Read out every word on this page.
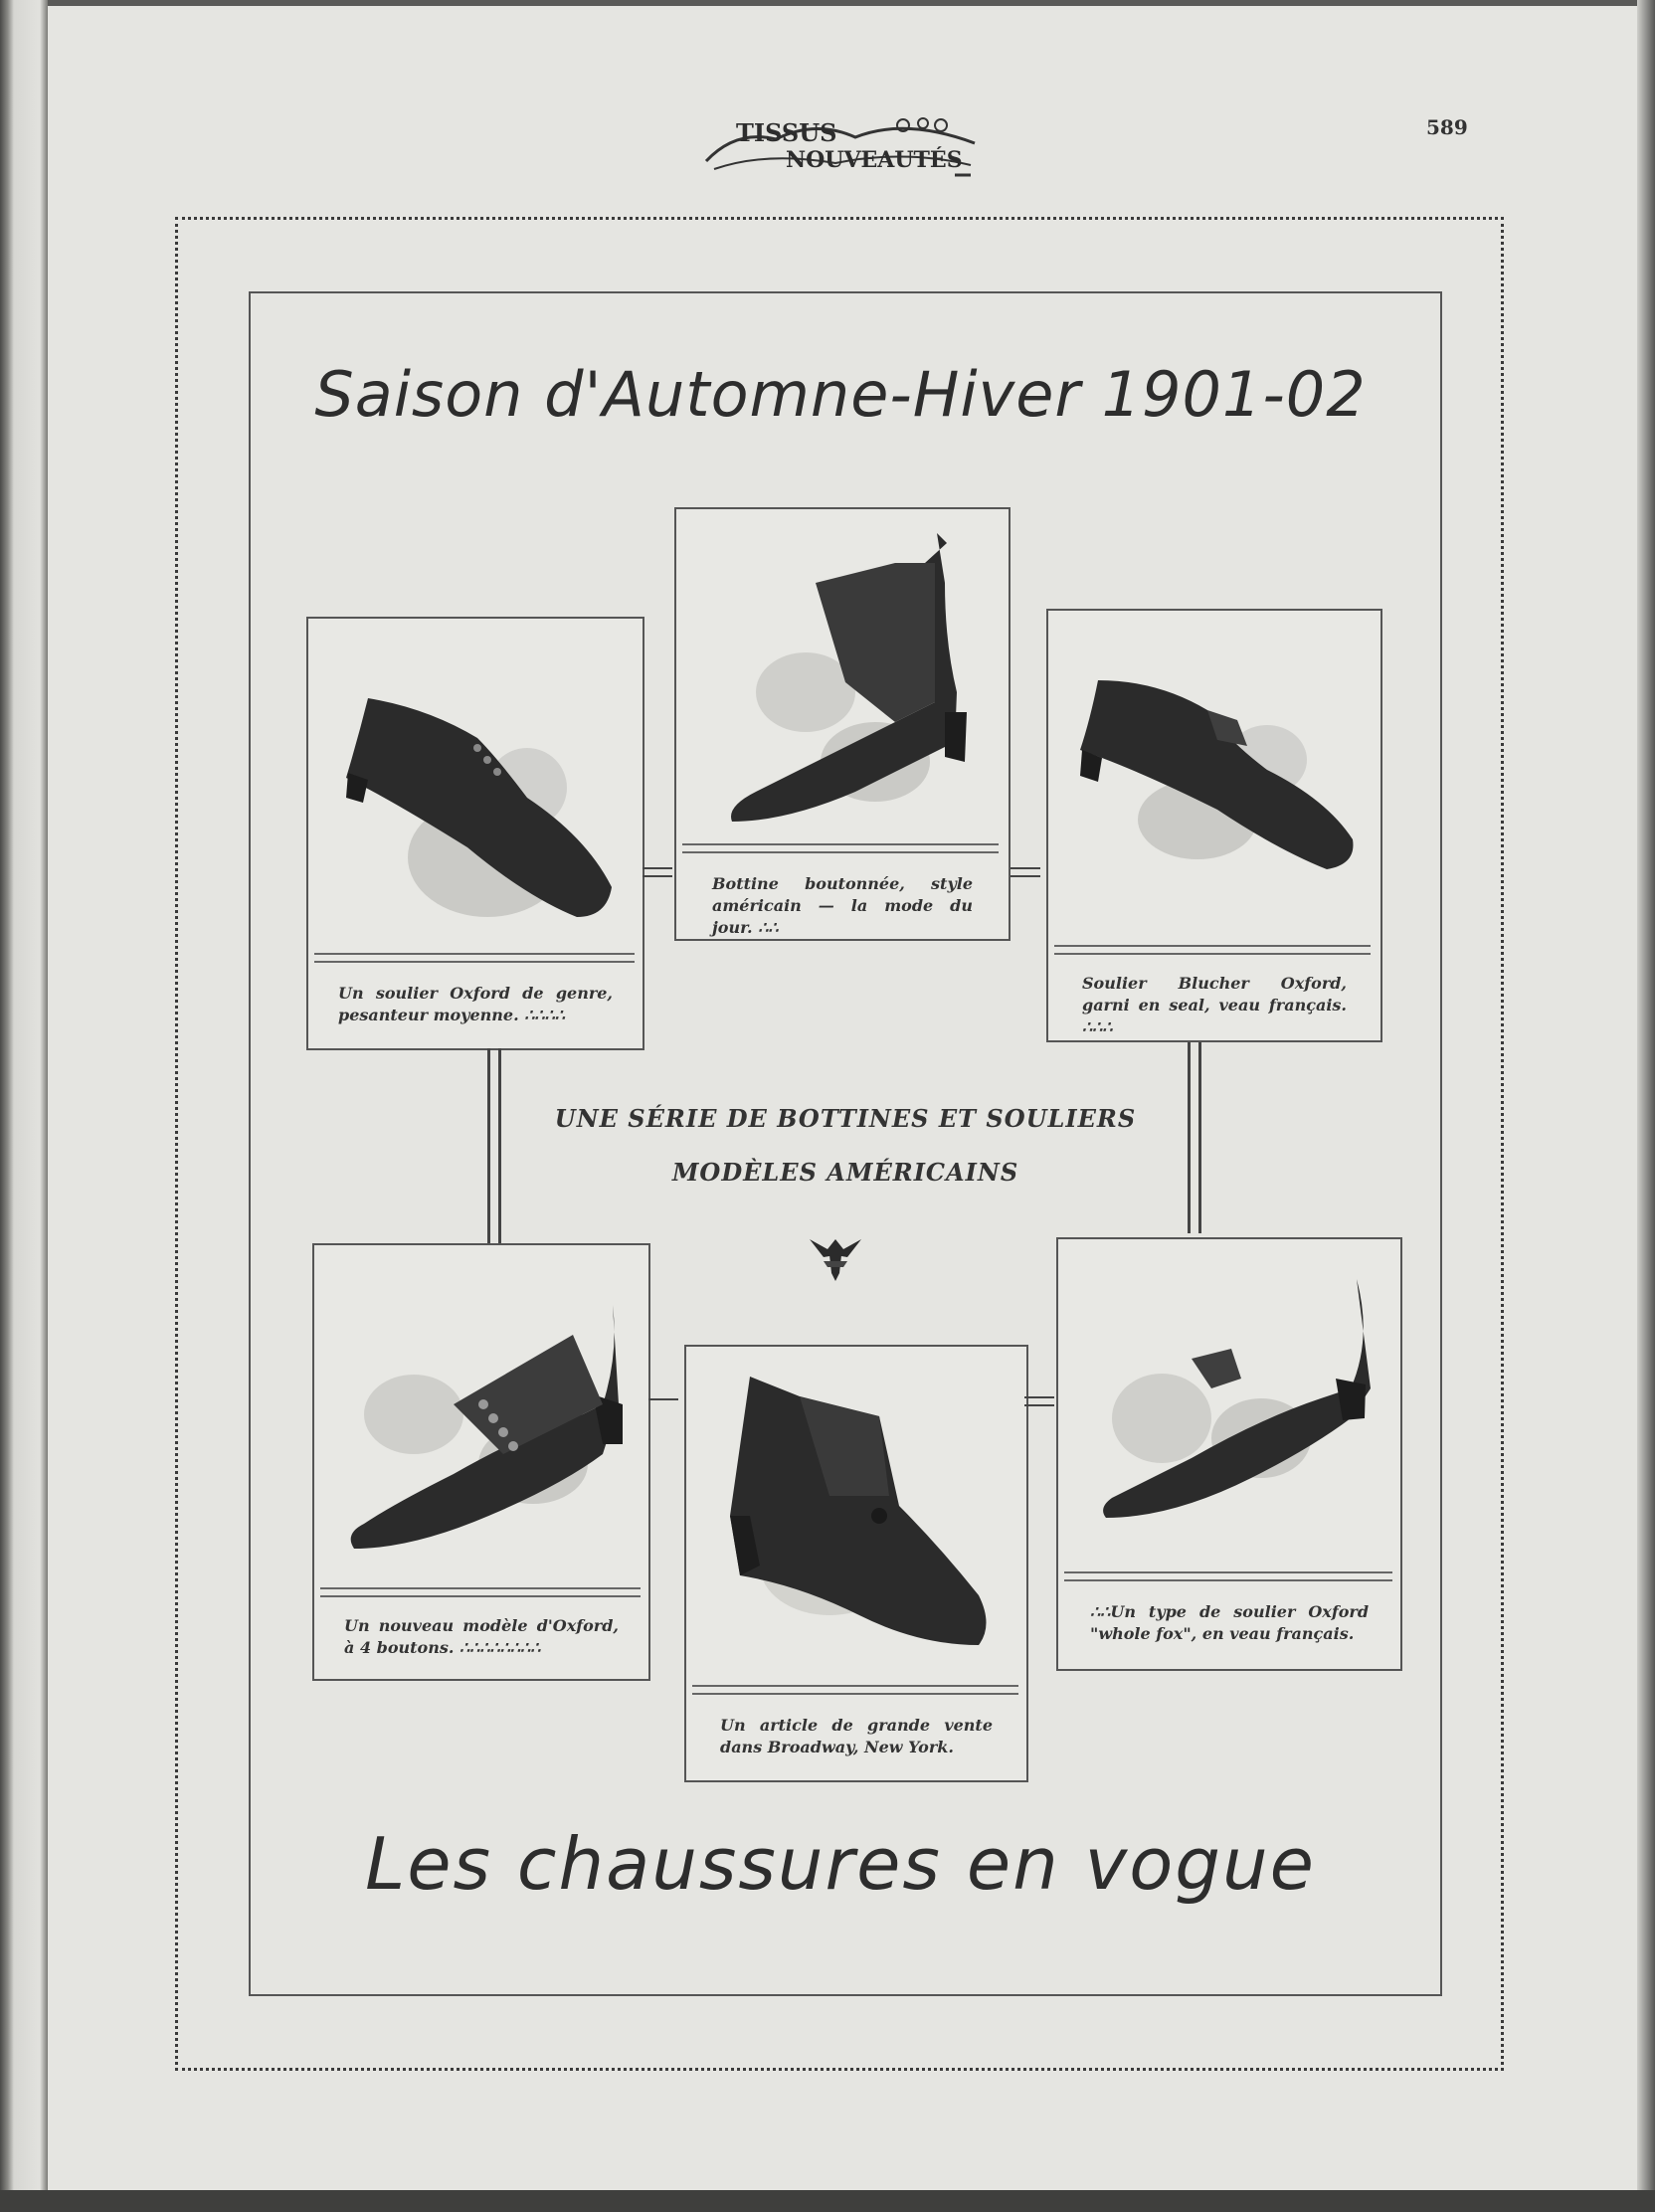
TISSUS
NOUVEAUTÉS
589
Saison d'Automne-Hiver 1901-02
Un soulier Oxford de genre, pesanteur moyenne. ∴∴∴∴
Bottine boutonnée, style américain — la mode du jour. ∴∴
Soulier Blucher Oxford, garni en seal, veau français. ∴∴∴
UNE SÉRIE DE BOTTINES ET SOULIERS
MODÈLES AMÉRICAINS
Un nouveau modèle d'Oxford, à 4 boutons. ∴∴∴∴∴∴∴∴
Un article de grande vente dans Broadway, New York.
∴∴Un type de soulier Oxford "whole fox", en veau français.
Les chaussures en vogue
